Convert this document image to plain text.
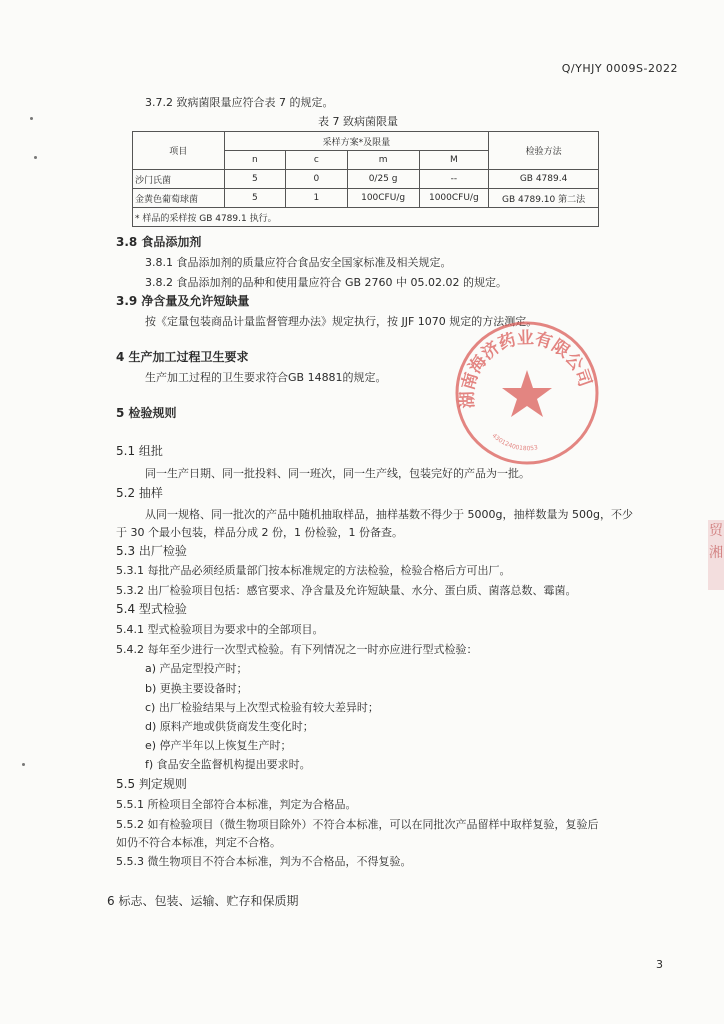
Q/YHJY 0009S-2022
3.7.2 致病菌限量应符合表 7 的规定。
表 7 致病菌限量
项目	采样方案*及限量				检验方法
	n	c	m	M	
沙门氏菌	5	0	0/25 g	--	GB 4789.4
金黄色葡萄球菌	5	1	100CFU/g	1000CFU/g	GB 4789.10 第二法
* 样品的采样按 GB 4789.1 执行。					
3.8 食品添加剂
3.8.1 食品添加剂的质量应符合食品安全国家标准及相关规定。
3.8.2 食品添加剂的品种和使用量应符合 GB 2760 中 05.02.02 的规定。
3.9 净含量及允许短缺量
按《定量包装商品计量监督管理办法》规定执行，按 JJF 1070 规定的方法测定。
4 生产加工过程卫生要求
生产加工过程的卫生要求符合GB 14881的规定。
5 检验规则
5.1 组批
同一生产日期、同一批投料、同一班次，同一生产线，包装完好的产品为一批。
5.2 抽样
从同一规格、同一批次的产品中随机抽取样品，抽样基数不得少于 5000g，抽样数量为 500g，不少
于 30 个最小包装，样品分成 2 份，1 份检验，1 份备查。
5.3 出厂检验
5.3.1 每批产品必须经质量部门按本标准规定的方法检验，检验合格后方可出厂。
5.3.2 出厂检验项目包括：感官要求、净含量及允许短缺量、水分、蛋白质、菌落总数、霉菌。
5.4 型式检验
5.4.1 型式检验项目为要求中的全部项目。
5.4.2 每年至少进行一次型式检验。有下列情况之一时亦应进行型式检验：
a) 产品定型投产时；
b) 更换主要设备时；
c) 出厂检验结果与上次型式检验有较大差异时；
d) 原料产地或供货商发生变化时；
e) 停产半年以上恢复生产时；
f) 食品安全监督机构提出要求时。
5.5 判定规则
5.5.1 所检项目全部符合本标准，判定为合格品。
5.5.2 如有检验项目（微生物项目除外）不符合本标准，可以在同批次产品留样中取样复验，复验后
如仍不符合本标准，判定不合格。
5.5.3 微生物项目不符合本标准，判为不合格品，不得复验。
6 标志、包装、运输、贮存和保质期
湖南海济药业有限公司
4301240018053
贸
湘
3
